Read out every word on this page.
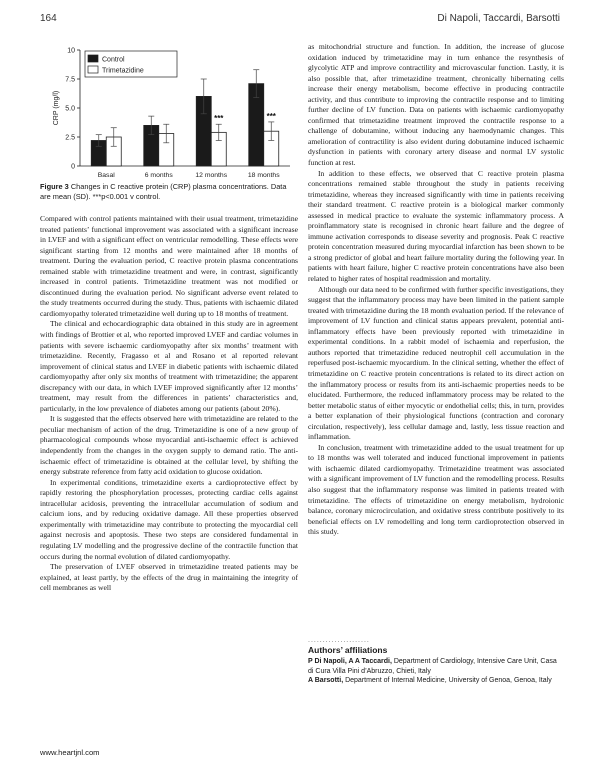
164	Di Napoli, Taccardi, Barsotti
0
2.5
5.0
7.5
10
CRP (mg/l)
Basal	6 months	12 months	18 months
***	***
Control
Trimetazidine
Figure 3 Changes in C reactive protein (CRP) plasma concentrations. Data are mean (SD). ***p<0.001 v control.

Compared with control patients maintained with their usual treatment, trimetazidine treated patients’ functional improvement was associated with a significant increase in LVEF and with a significant effect on ventricular remodelling. These effects were significant starting from 12 months and were maintained after 18 months of treatment. During the evaluation period, C reactive protein plasma concentrations remained stable with trimetazidine treatment and were, in contrast, significantly increased in control patients. Trimetazidine treatment was not modified or discontinued during the evaluation period. No significant adverse event related to the study treatments occurred during the study. Thus, patients with ischaemic dilated cardiomyopathy tolerated trimetazidine well during up to 18 months of treatment.

The clinical and echocardiographic data obtained in this study are in agreement with findings of Brottier et al, who reported improved LVEF and cardiac volumes in patients with severe ischaemic cardiomyopathy after six months’ treatment with trimetazidine. Recently, Fragasso et al and Rosano et al reported relevant improvement of clinical status and LVEF in diabetic patients with ischaemic dilated cardiomyopathy after only six months of treatment with trimetazidine; the apparent discrepancy with our data, in which LVEF improved significantly after 12 months’ treatment, may result from the differences in patients’ characteristics and, particularly, in the low prevalence of diabetes among our patients (about 20%).

It is suggested that the effects observed here with trimetazidine are related to the peculiar mechanism of action of the drug. Trimetazidine is one of a new group of pharmacological compounds whose myocardial anti-ischaemic effect is achieved independently from the changes in the oxygen supply to demand ratio. The anti-ischaemic effect of trimetazidine is obtained at the cellular level, by shifting the energy substrate reference from fatty acid oxidation to glucose oxidation.

In experimental conditions, trimetazidine exerts a cardioprotective effect by rapidly restoring the phosphorylation processes, protecting cardiac cells against intracellular acidosis, preventing the intracellular accumulation of sodium and calcium ions, and by reducing oxidative damage. All these properties observed experimentally with trimetazidine may contribute to protecting the myocardial cell against necrosis and apoptosis. These two steps are considered fundamental in regulating LV modelling and the progressive decline of the contractile function that occurs during the normal evolution of dilated cardiomyopathy.

The preservation of LVEF observed in trimetazidine treated patients may be explained, at least partly, by the effects of the drug in maintaining the integrity of cell membranes as well

as mitochondrial structure and function. In addition, the increase of glucose oxidation induced by trimetazidine may in turn enhance the resynthesis of glycolytic ATP and improve contractility and microvascular function. Lastly, it is also possible that, after trimetazidine treatment, chronically hibernating cells increase their energy metabolism, become effective in producing contractile activity, and thus contribute to improving the contractile response and to limiting further decline of LV function. Data on patients with ischaemic cardiomyopathy confirmed that trimetazidine treatment improved the contractile response to a challenge of dobutamine, without inducing any haemodynamic changes. This amelioration of contractility is also evident during dobutamine induced ischaemic dysfunction in patients with coronary artery disease and normal LV systolic function at rest.

In addition to these effects, we observed that C reactive protein plasma concentrations remained stable throughout the study in patients receiving trimetazidine, whereas they increased significantly with time in patients receiving their standard treatment. C reactive protein is a biological marker commonly assessed in medical practice to evaluate the systemic inflammatory process. A proinflammatory state is recognised in chronic heart failure and the degree of immune activation corresponds to disease severity and prognosis. Peak C reactive protein concentration measured during myocardial infarction has been shown to be a strong predictor of global and heart failure mortality during the following year. In patients with heart failure, higher C reactive protein concentrations have also been related to higher rates of hospital readmission and mortality.

Although our data need to be confirmed with further specific investigations, they suggest that the inflammatory process may have been limited in the patient sample treated with trimetazidine during the 18 month evaluation period. If the relevance of improvement of LV function and clinical status appears prevalent, potential anti-inflammatory effects have been previously reported with trimetazidine in experimental conditions. In a rabbit model of ischaemia and reperfusion, the authors reported that trimetazidine reduced neutrophil cell accumulation in the reperfused post-ischaemic myocardium. In the clinical setting, whether the effect of trimetazidine on C reactive protein concentrations is related to its direct action on the inflammatory process or results from its anti-ischaemic properties needs to be elucidated. Furthermore, the reduced inflammatory process may be related to the better metabolic status of either myocytic or endothelial cells; this, in turn, provides a better explanation of their physiological functions (contraction and coronary circulation, respectively), less cellular damage and, lastly, less tissue reaction and inflammation.

In conclusion, treatment with trimetazidine added to the usual treatment for up to 18 months was well tolerated and induced functional improvement in patients with ischaemic dilated cardiomyopathy. Trimetazidine treatment was associated with a significant improvement of LV function and the remodelling process. Results also suggest that the inflammatory response was limited in patients treated with trimetazidine. The effects of trimetazidine on energy metabolism, hydroionic balance, coronary microcirculation, and oxidative stress contribute positively to its beneficial effects on LV remodelling and long term cardioprotection observed in this study.

.....................
Authors’ affiliations

P Di Napoli, A A Taccardi, Department of Cardiology, Intensive Care Unit, Casa di Cura Villa Pini d’Abruzzo, Chieti, Italy

A Barsotti, Department of Internal Medicine, University of Genoa, Genoa, Italy

www.heartjnl.com
